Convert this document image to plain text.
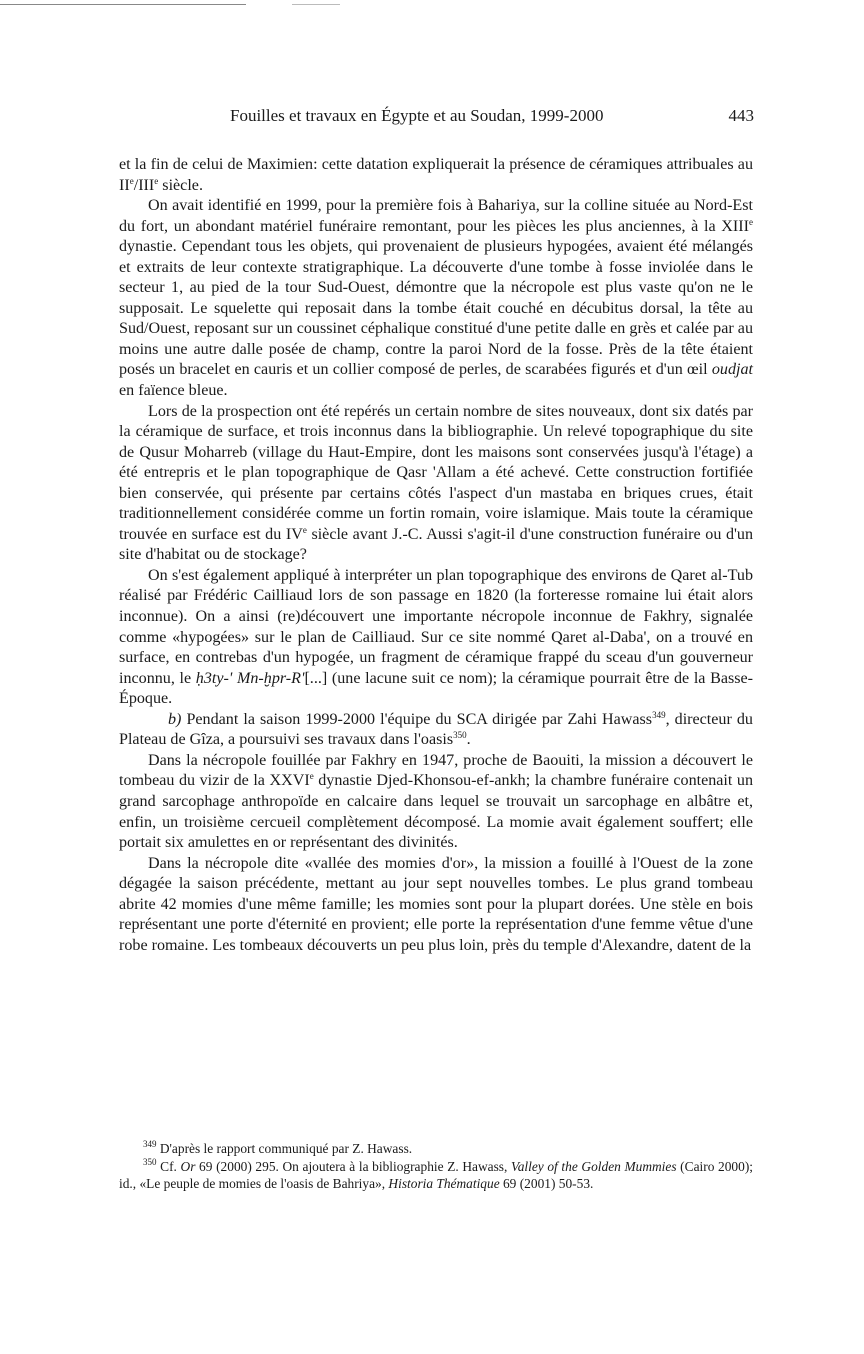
Fouilles et travaux en Égypte et au Soudan, 1999-2000	443

et la fin de celui de Maximien: cette datation expliquerait la présence de céramiques attribuales au IIe/IIIe siècle.

On avait identifié en 1999, pour la première fois à Bahariya, sur la colline située au Nord-Est du fort, un abondant matériel funéraire remontant, pour les pièces les plus anciennes, à la XIIIe dynastie. Cependant tous les objets, qui provenaient de plusieurs hypogées, avaient été mélangés et extraits de leur contexte stratigraphique. La découverte d'une tombe à fosse inviolée dans le secteur 1, au pied de la tour Sud-Ouest, démontre que la nécropole est plus vaste qu'on ne le supposait. Le squelette qui reposait dans la tombe était couché en décubitus dorsal, la tête au Sud/Ouest, reposant sur un coussinet céphalique constitué d'une petite dalle en grès et calée par au moins une autre dalle posée de champ, contre la paroi Nord de la fosse. Près de la tête étaient posés un bracelet en cauris et un collier composé de perles, de scarabées figurés et d'un œil oudjat en faïence bleue.

Lors de la prospection ont été repérés un certain nombre de sites nouveaux, dont six datés par la céramique de surface, et trois inconnus dans la bibliographie. Un relevé topographique du site de Qusur Moharreb (village du Haut-Empire, dont les maisons sont conservées jusqu'à l'étage) a été entrepris et le plan topographique de Qasr 'Allam a été achevé. Cette construction fortifiée bien conservée, qui présente par certains côtés l'aspect d'un mastaba en briques crues, était traditionnellement considérée comme un fortin romain, voire islamique. Mais toute la céramique trouvée en surface est du IVe siècle avant J.-C. Aussi s'agit-il d'une construction funéraire ou d'un site d'habitat ou de stockage?

On s'est également appliqué à interpréter un plan topographique des environs de Qaret al-Tub réalisé par Frédéric Cailliaud lors de son passage en 1820 (la forteresse romaine lui était alors inconnue). On a ainsi (re)découvert une importante nécropole inconnue de Fakhry, signalée comme «hypogées» sur le plan de Cailliaud. Sur ce site nommé Qaret al-Daba', on a trouvé en surface, en contrebas d'un hypogée, un fragment de céramique frappé du sceau d'un gouverneur inconnu, le ḥ3ty-' Mn-ḫpr-R'[...] (une lacune suit ce nom); la céramique pourrait être de la Basse-Époque.

b) Pendant la saison 1999-2000 l'équipe du SCA dirigée par Zahi Hawass$^{349}$, directeur du Plateau de Gîza, a poursuivi ses travaux dans l'oasis$^{350}$.

Dans la nécropole fouillée par Fakhry en 1947, proche de Baouiti, la mission a découvert le tombeau du vizir de la XXVIe dynastie Djed-Khonsou-ef-ankh; la chambre funéraire contenait un grand sarcophage anthropoïde en calcaire dans lequel se trouvait un sarcophage en albâtre et, enfin, un troisième cercueil complètement décomposé. La momie avait également souffert; elle portait six amulettes en or représentant des divinités.

Dans la nécropole dite «vallée des momies d'or», la mission a fouillé à l'Ouest de la zone dégagée la saison précédente, mettant au jour sept nouvelles tombes. Le plus grand tombeau abrite 42 momies d'une même famille; les momies sont pour la plupart dorées. Une stèle en bois représentant une porte d'éternité en provient; elle porte la représentation d'une femme vêtue d'une robe romaine. Les tombeaux découverts un peu plus loin, près du temple d'Alexandre, datent de la

$^{349}$ D'après le rapport communiqué par Z. Hawass.

$^{350}$ Cf. Or 69 (2000) 295. On ajoutera à la bibliographie Z. Hawass, Valley of the Golden Mummies (Cairo 2000); id., «Le peuple de momies de l'oasis de Bahriya», Historia Thématique 69 (2001) 50-53.
